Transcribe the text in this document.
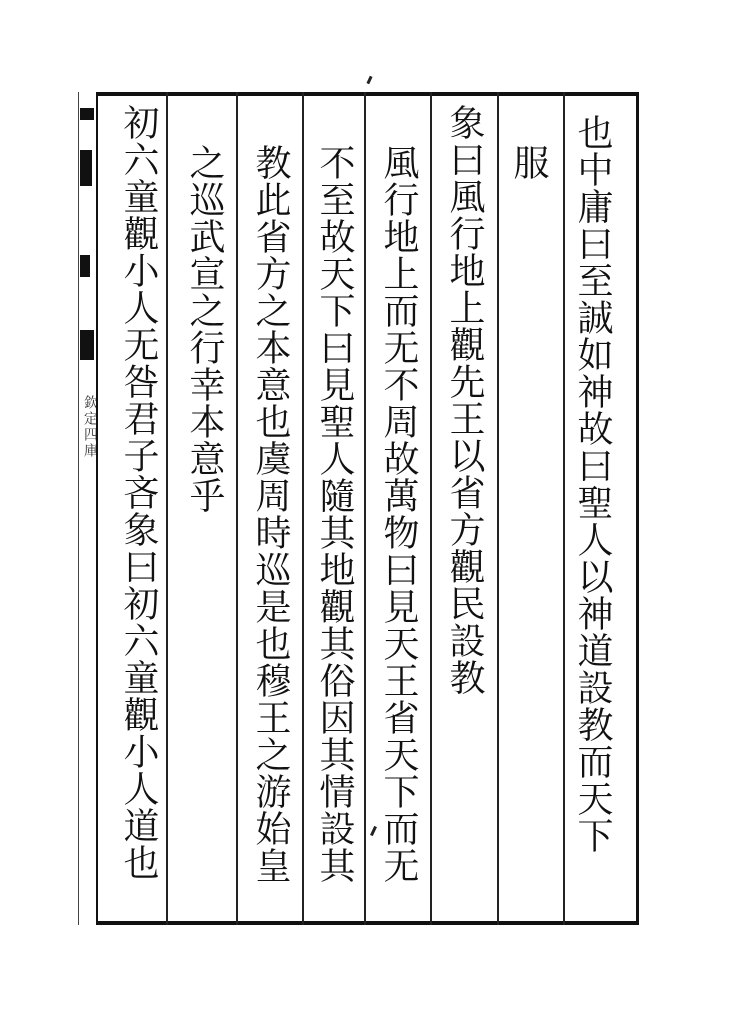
欽定四庫	也中庸曰至誠如神故曰聖人以神道設教而天下
服
象曰風行地上觀先王以省方觀民設教
風行地上而无不周故萬物曰見天王省天下而无
不至故天下曰見聖人隨其地觀其俗因其情設其
教此省方之本意也虞周時巡是也穆王之游始皇
之巡武宣之行幸本意乎
初六童觀小人无咎君子吝象曰初六童觀小人道也
